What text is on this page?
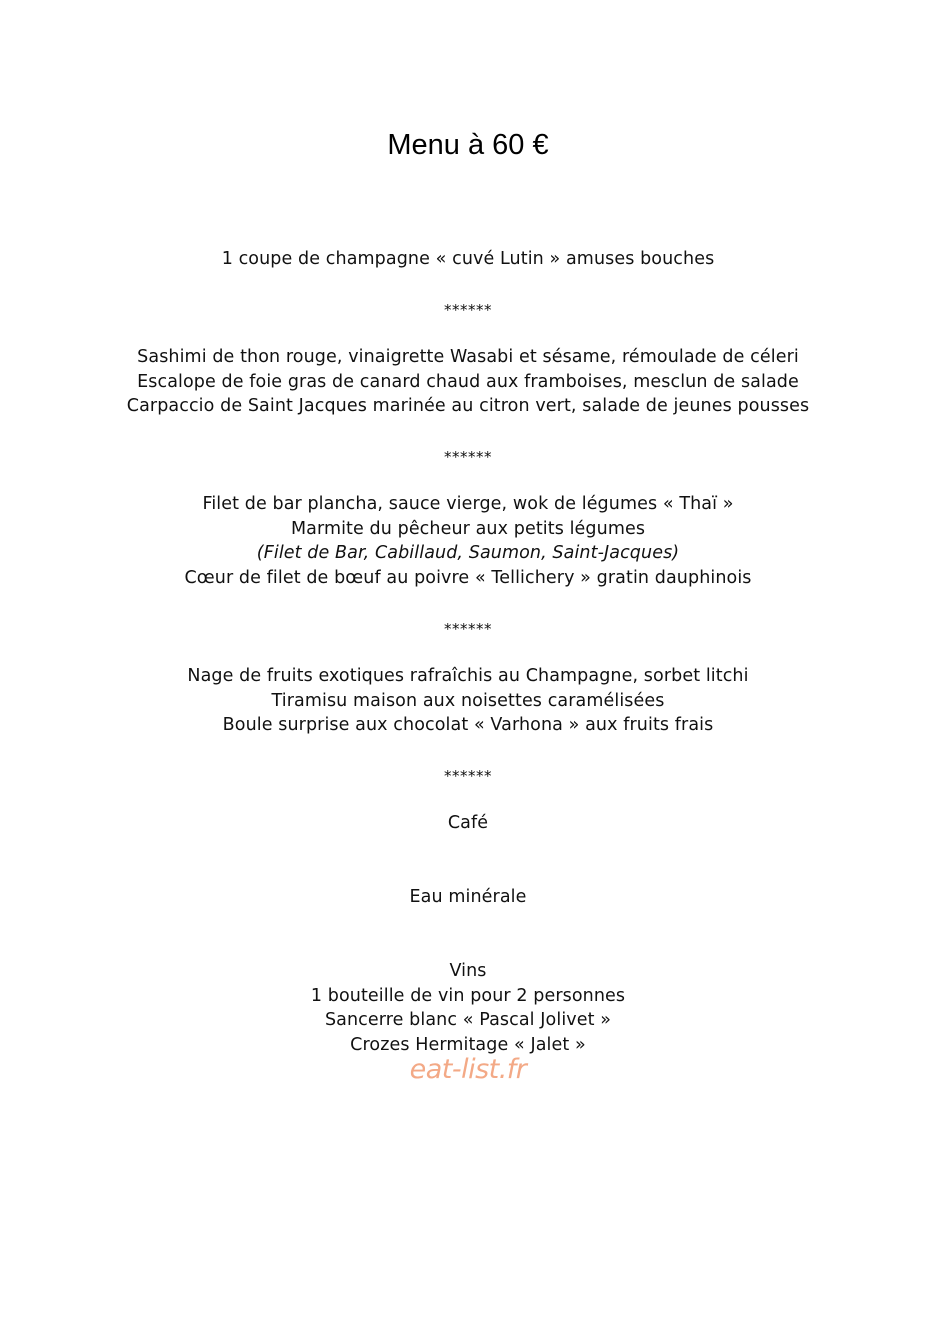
Menu à 60 €
1 coupe de champagne « cuvé Lutin » amuses bouches
******
Sashimi de thon rouge, vinaigrette Wasabi et sésame, rémoulade de céleri
Escalope de foie gras de canard chaud aux framboises, mesclun de salade
Carpaccio de Saint Jacques marinée au citron vert, salade de jeunes pousses
******
Filet de bar plancha, sauce vierge, wok de légumes « Thaï »
Marmite du pêcheur aux petits légumes
(Filet de Bar, Cabillaud, Saumon, Saint-Jacques)
Cœur de filet de bœuf au poivre « Tellichery » gratin dauphinois
******
Nage de fruits exotiques rafraîchis au Champagne, sorbet litchi
Tiramisu maison aux noisettes caramélisées
Boule surprise aux chocolat « Varhona » aux fruits frais
******
Café
Eau minérale
Vins
1 bouteille de vin pour 2 personnes
Sancerre blanc « Pascal Jolivet »
Crozes Hermitage « Jalet »
eat-list.fr
